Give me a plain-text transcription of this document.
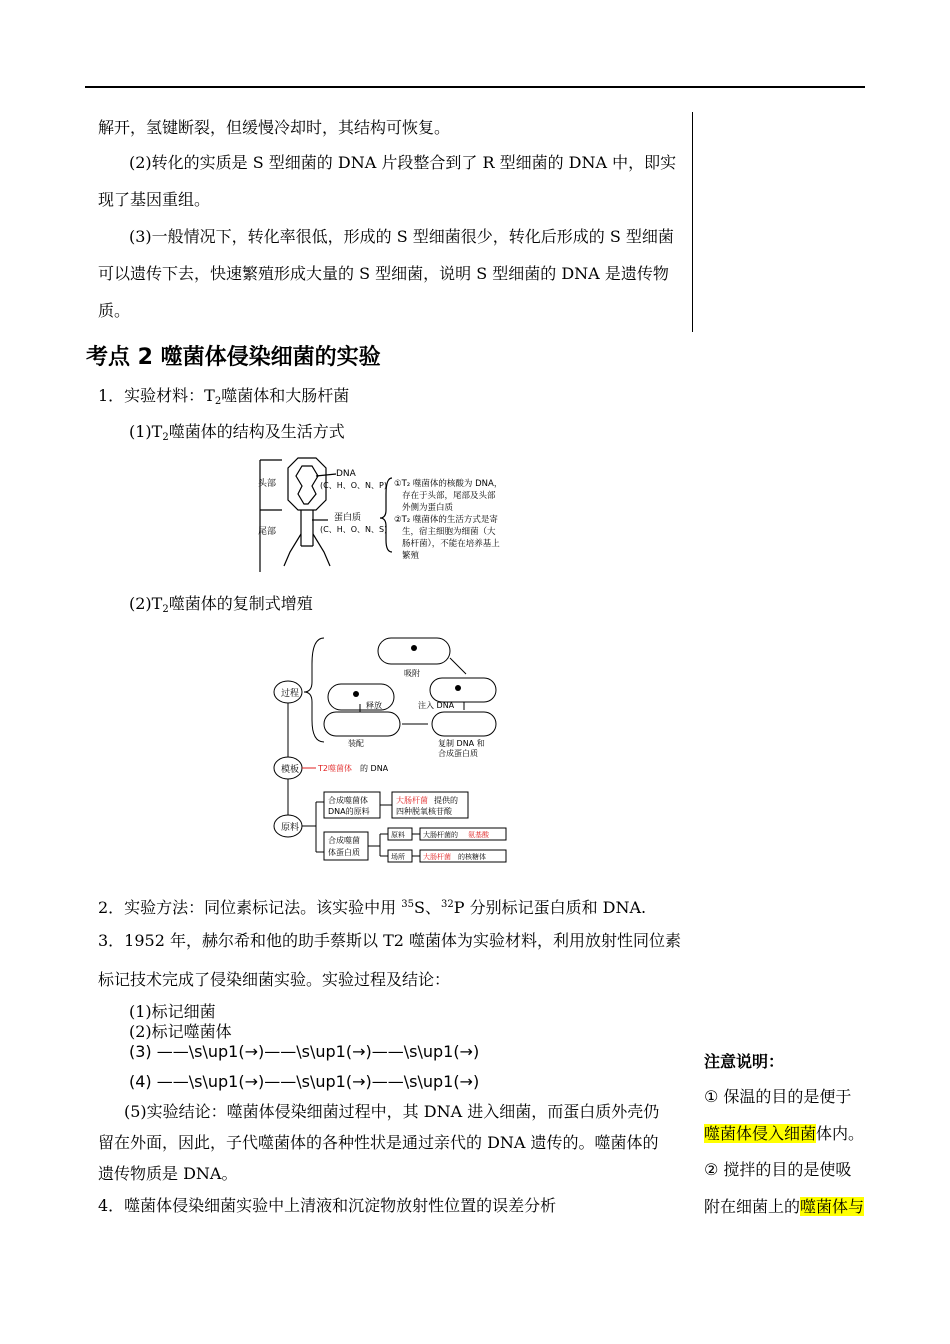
解开，氢键断裂，但缓慢冷却时，其结构可恢复。
(2)转化的实质是 S 型细菌的 DNA 片段整合到了 R 型细菌的 DNA 中，即实
现了基因重组。
(3)一般情况下，转化率很低，形成的 S 型细菌很少，转化后形成的 S 型细菌
可以遗传下去，快速繁殖形成大量的 S 型细菌，说明 S 型细菌的 DNA 是遗传物
质。
考点 2 噬菌体侵染细菌的实验
1．实验材料：$T_2$噬菌体和大肠杆菌
$(1)T_2$噬菌体的结构及生活方式
头部
尾部
DNA
(C、H、O、N、P)
蛋白质
(C、H、O、N、S)
①T₂ 噬菌体的核酸为 DNA，
存在于头部，尾部及头部
外侧为蛋白质
②T₂ 噬菌体的生活方式是寄
生，宿主细胞为细菌（大
肠杆菌），不能在培养基上
繁殖
$(2)T_2$噬菌体的复制式增殖
过程
模板
原料
吸附
释放	注入 DNA
装配	复制 DNA 和
合成蛋白质
T2噬菌体 的 DNA
合成噬菌体
DNA的原料
大肠杆菌 提供的
四种脱氧核苷酸
合成噬菌
体蛋白质
原料
场所
大肠杆菌的 氨基酸
大肠杆菌 的核糖体
2．实验方法：同位素标记法。该实验中用 $^{35}$S、$^{32}$P 分别标记蛋白质和 DNA.
3．1952 年，赫尔希和他的助手蔡斯以 T2 噬菌体为实验材料，利用放射性同位素
标记技术完成了侵染细菌实验。实验过程及结论：
(1)标记细菌
(2)标记噬菌体
(3) ——\s\up1(→)——\s\up1(→)——\s\up1(→)
(4) ——\s\up1(→)——\s\up1(→)——\s\up1(→)
(5)实验结论：噬菌体侵染细菌过程中，其 DNA 进入细菌，而蛋白质外壳仍
留在外面，因此，子代噬菌体的各种性状是通过亲代的 DNA 遗传的。噬菌体的
遗传物质是 DNA。
4．噬菌体侵染细菌实验中上清液和沉淀物放射性位置的误差分析
注意说明：
① 保温的目的是便于
噬菌体侵入细菌体内。
② 搅拌的目的是使吸
附在细菌上的噬菌体与
